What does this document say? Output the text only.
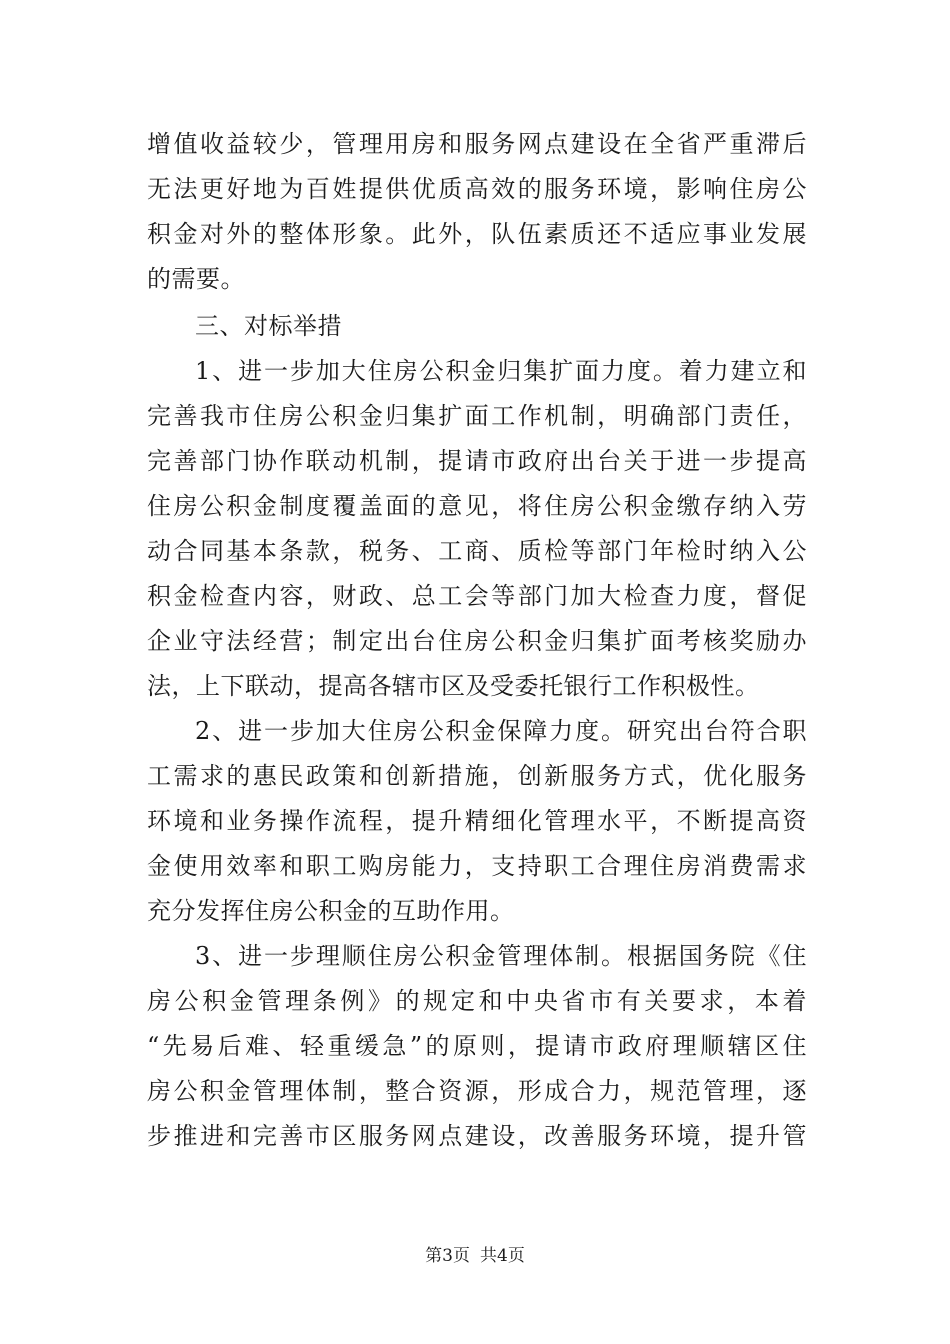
增值收益较少，管理用房和服务网点建设在全省严重滞后
无法更好地为百姓提供优质高效的服务环境，影响住房公
积金对外的整体形象。此外，队伍素质还不适应事业发展
的需要。
三、对标举措
1、进一步加大住房公积金归集扩面力度。着力建立和
完善我市住房公积金归集扩面工作机制，明确部门责任，
完善部门协作联动机制，提请市政府出台关于进一步提高
住房公积金制度覆盖面的意见，将住房公积金缴存纳入劳
动合同基本条款，税务、工商、质检等部门年检时纳入公
积金检查内容，财政、总工会等部门加大检查力度，督促
企业守法经营；制定出台住房公积金归集扩面考核奖励办
法，上下联动，提高各辖市区及受委托银行工作积极性。
2、进一步加大住房公积金保障力度。研究出台符合职
工需求的惠民政策和创新措施，创新服务方式，优化服务
环境和业务操作流程，提升精细化管理水平，不断提高资
金使用效率和职工购房能力，支持职工合理住房消费需求
充分发挥住房公积金的互助作用。
3、进一步理顺住房公积金管理体制。根据国务院《住
房公积金管理条例》的规定和中央省市有关要求，本着
“先易后难、轻重缓急”的原则，提请市政府理顺辖区住
房公积金管理体制，整合资源，形成合力，规范管理，逐
步推进和完善市区服务网点建设，改善服务环境，提升管
第3页 共4页
